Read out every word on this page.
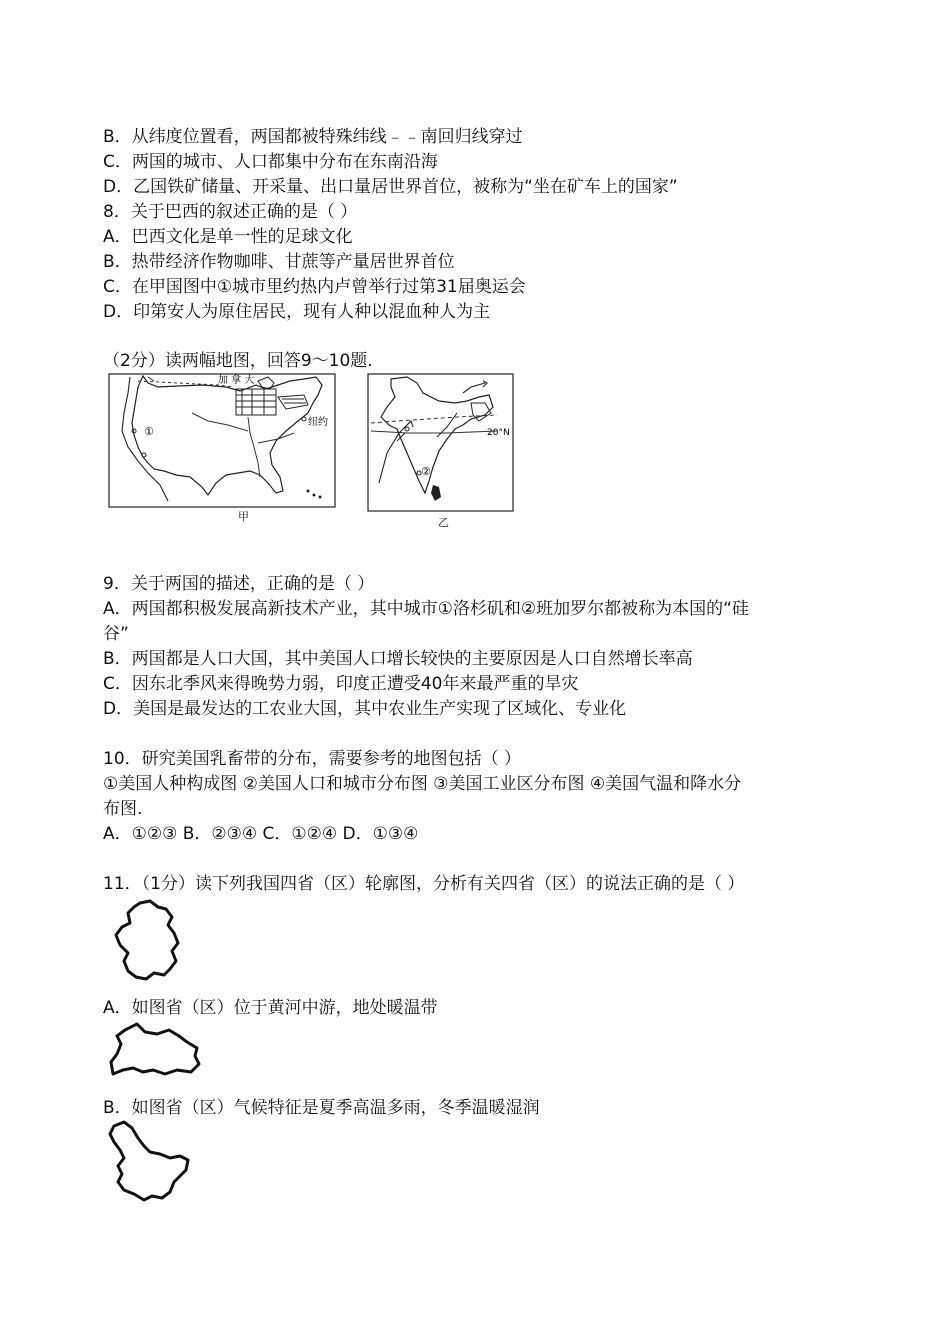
B．从纬度位置看，两国都被特殊纬线﹣﹣南回归线穿过
C．两国的城市、人口都集中分布在东南沿海
D．乙国铁矿储量、开采量、出口量居世界首位，被称为“坐在矿车上的国家”
8．关于巴西的叙述正确的是（ ）
A．巴西文化是单一性的足球文化
B．热带经济作物咖啡、甘蔗等产量居世界首位
C．在甲国图中①城市里约热内卢曾举行过第31届奥运会
D．印第安人为原住居民，现有人种以混血种人为主
（2分）读两幅地图，回答9～10题.
加 拿 大
纽约
①
甲
②
20°N
乙
9．关于两国的描述，正确的是（ ）
A．两国都积极发展高新技术产业，其中城市①洛杉矶和②班加罗尔都被称为本国的“硅
谷”
B．两国都是人口大国，其中美国人口增长较快的主要原因是人口自然增长率高
C．因东北季风来得晚势力弱，印度正遭受40年来最严重的旱灾
D．美国是最发达的工农业大国，其中农业生产实现了区域化、专业化
10．研究美国乳畜带的分布，需要参考的地图包括（ ）
①美国人种构成图 ②美国人口和城市分布图 ③美国工业区分布图 ④美国气温和降水分
布图.
A．①②③ B．②③④ C．①②④ D．①③④
11．（1分）读下列我国四省（区）轮廓图，分析有关四省（区）的说法正确的是（ ）
A．如图省（区）位于黄河中游，地处暖温带
B．如图省（区）气候特征是夏季高温多雨，冬季温暖湿润
